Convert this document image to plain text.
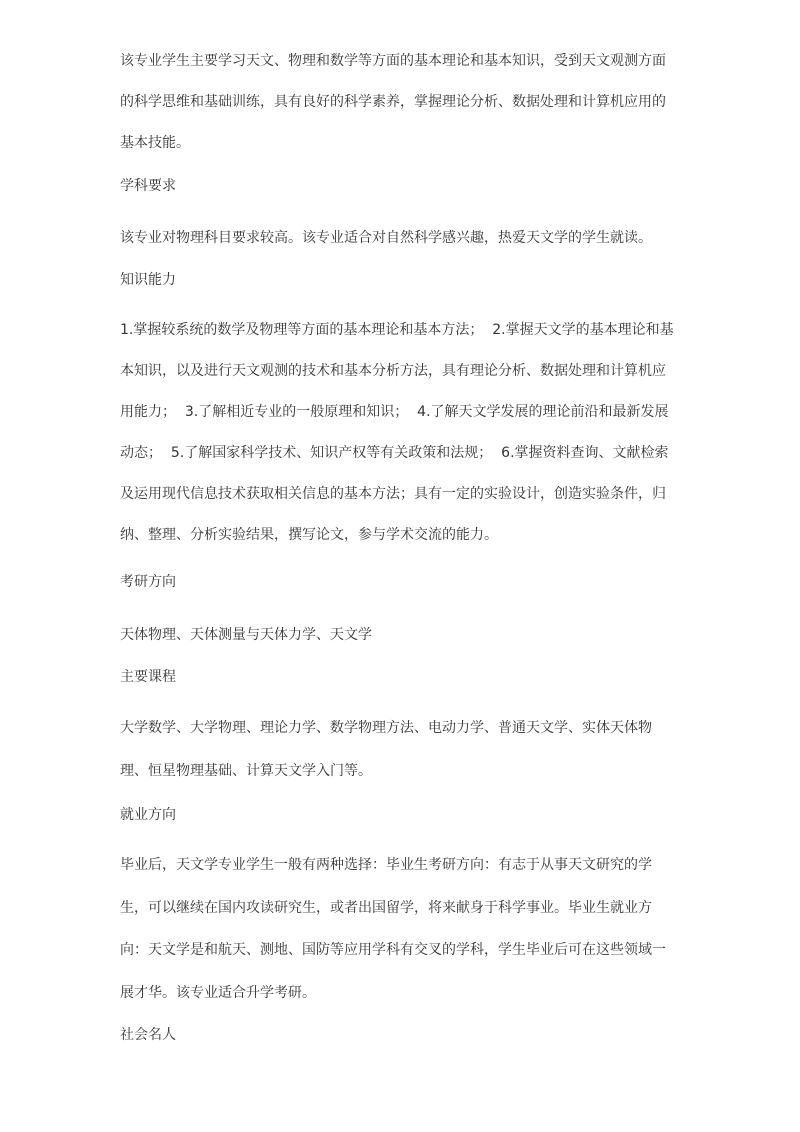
该专业学生主要学习天文、物理和数学等方面的基本理论和基本知识，受到天文观测方面
的科学思维和基础训练，具有良好的科学素养，掌握理论分析、数据处理和计算机应用的
基本技能。
学科要求
该专业对物理科目要求较高。该专业适合对自然科学感兴趣，热爱天文学的学生就读。
知识能力
1.掌握较系统的数学及物理等方面的基本理论和基本方法；  2.掌握天文学的基本理论和基
本知识，以及进行天文观测的技术和基本分析方法，具有理论分析、数据处理和计算机应
用能力；  3.了解相近专业的一般原理和知识；  4.了解天文学发展的理论前沿和最新发展
动态；  5.了解国家科学技术、知识产权等有关政策和法规；  6.掌握资料查询、文献检索
及运用现代信息技术获取相关信息的基本方法；具有一定的实验设计，创造实验条件，归
纳、整理、分析实验结果，撰写论文，参与学术交流的能力。
考研方向
天体物理、天体测量与天体力学、天文学
主要课程
大学数学、大学物理、理论力学、数学物理方法、电动力学、普通天文学、实体天体物
理、恒星物理基础、计算天文学入门等。
就业方向
毕业后，天文学专业学生一般有两种选择：毕业生考研方向：有志于从事天文研究的学
生，可以继续在国内攻读研究生，或者出国留学，将来献身于科学事业。毕业生就业方
向：天文学是和航天、测地、国防等应用学科有交叉的学科，学生毕业后可在这些领域一
展才华。该专业适合升学考研。
社会名人
